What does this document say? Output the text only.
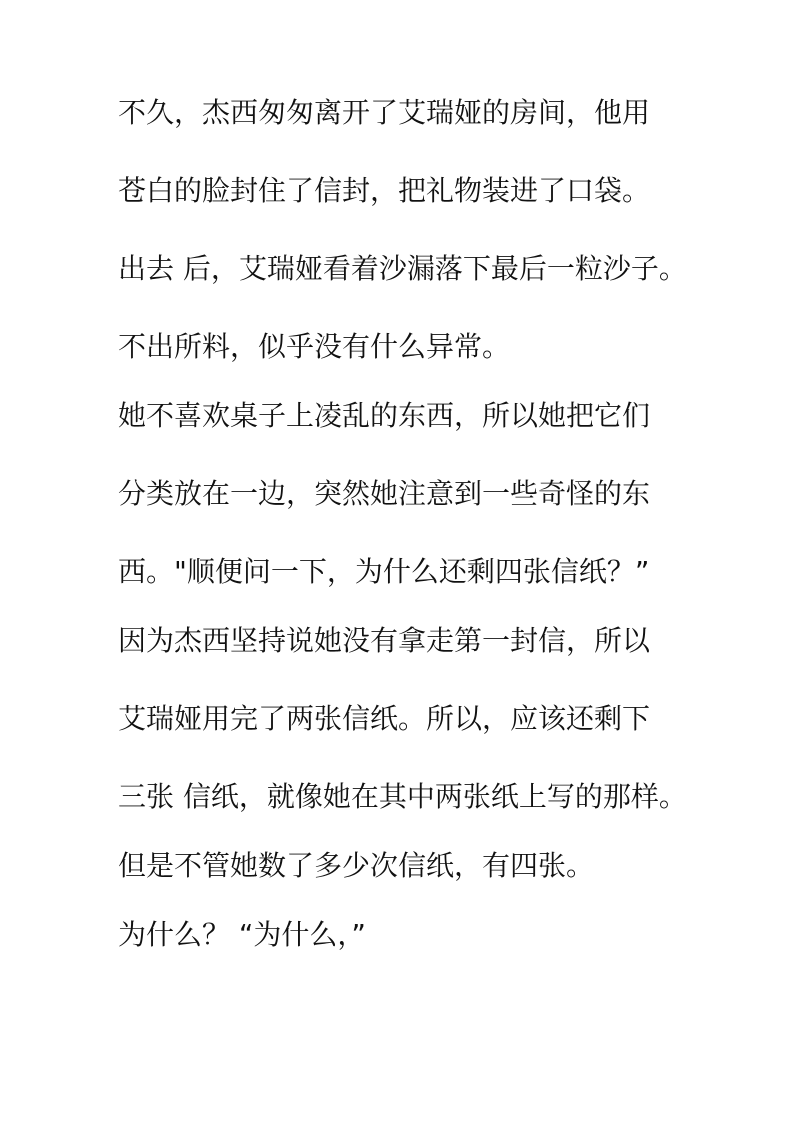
不久，杰西匆匆离开了艾瑞娅的房间，他用
苍白的脸封住了信封，把礼物装进了口袋。
出去 后，艾瑞娅看着沙漏落下最后一粒沙子。
不出所料，似乎没有什么异常。
她不喜欢桌子上凌乱的东西，所以她把它们
分类放在一边，突然她注意到一些奇怪的东
西。"顺便问一下，为什么还剩四张信纸？”
因为杰西坚持说她没有拿走第一封信，所以
艾瑞娅用完了两张信纸。所以，应该还剩下
三张 信纸，就像她在其中两张纸上写的那样。
但是不管她数了多少次信纸，有四张。
为什么？ “为什么，”
